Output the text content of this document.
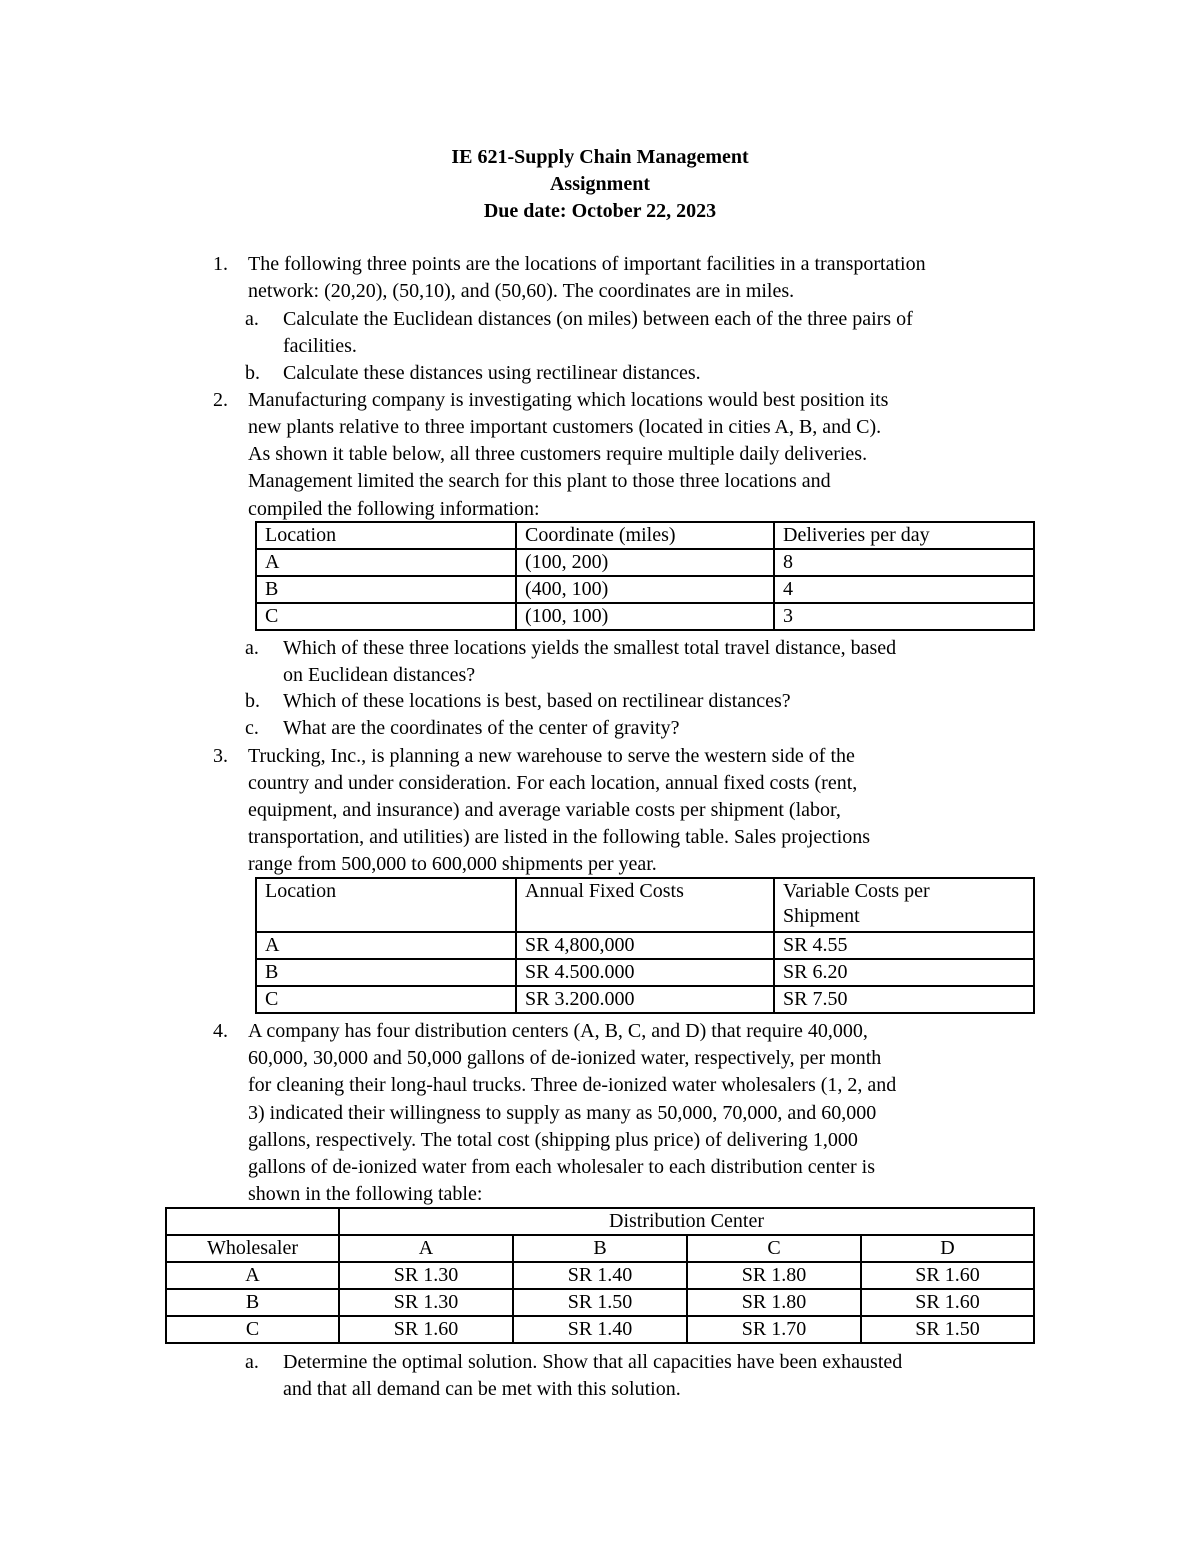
IE 621-Supply Chain Management
Assignment
Due date: October 22, 2023
1. The following three points are the locations of important facilities in a transportation
network: (20,20), (50,10), and (50,60). The coordinates are in miles.
a. Calculate the Euclidean distances (on miles) between each of the three pairs of
facilities.
b. Calculate these distances using rectilinear distances.
2. Manufacturing company is investigating which locations would best position its
new plants relative to three important customers (located in cities A, B, and C).
As shown it table below, all three customers require multiple daily deliveries.
Management limited the search for this plant to those three locations and
compiled the following information:
Location	Coordinate (miles)	Deliveries per day
A	(100, 200)	8
B	(400, 100)	4
C	(100, 100)	3
a. Which of these three locations yields the smallest total travel distance, based
on Euclidean distances?
b. Which of these locations is best, based on rectilinear distances?
c. What are the coordinates of the center of gravity?
3. Trucking, Inc., is planning a new warehouse to serve the western side of the
country and under consideration. For each location, annual fixed costs (rent,
equipment, and insurance) and average variable costs per shipment (labor,
transportation, and utilities) are listed in the following table. Sales projections
range from 500,000 to 600,000 shipments per year.
Location	Annual Fixed Costs	Variable Costs per
Shipment
A	SR 4,800,000	SR 4.55
B	SR 4.500.000	SR 6.20
C	SR 3.200.000	SR 7.50
4. A company has four distribution centers (A, B, C, and D) that require 40,000,
60,000, 30,000 and 50,000 gallons of de-ionized water, respectively, per month
for cleaning their long-haul trucks. Three de-ionized water wholesalers (1, 2, and
3) indicated their willingness to supply as many as 50,000, 70,000, and 60,000
gallons, respectively. The total cost (shipping plus price) of delivering 1,000
gallons of de-ionized water from each wholesaler to each distribution center is
shown in the following table:
	Distribution Center			
Wholesaler	A	B	C	D
A	SR 1.30	SR 1.40	SR 1.80	SR 1.60
B	SR 1.30	SR 1.50	SR 1.80	SR 1.60
C	SR 1.60	SR 1.40	SR 1.70	SR 1.50
a. Determine the optimal solution. Show that all capacities have been exhausted
and that all demand can be met with this solution.
